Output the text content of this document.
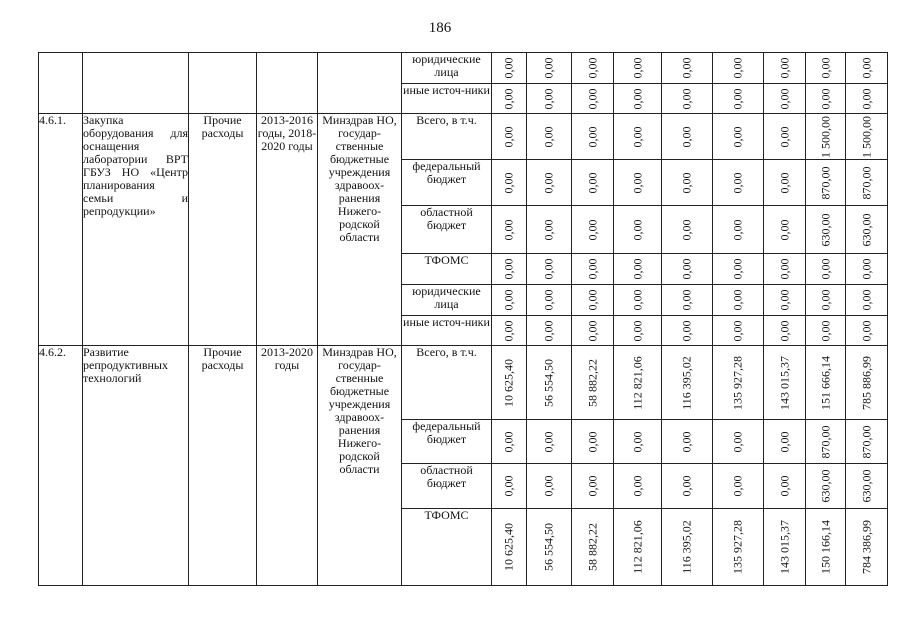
186
					юридические лица	0,00	0,00	0,00	0,00	0,00	0,00	0,00	0,00	0,00

					иные источ-ники	0,00	0,00	0,00	0,00	0,00	0,00	0,00	0,00	0,00

4.6.1.	Закупка оборудования для оснащения лаборатории ВРТ ГБУЗ НО «Центр планирования семьи и репродукции»	Прочие расходы	2013-2016 годы, 2018-2020 годы	Минздрав НО, государ-ственные бюджетные учреждения здравоох-ранения Нижего-родской области	Всего, в т.ч.	0,00	0,00	0,00	0,00	0,00	0,00	0,00	1 500,00	1 500,00

					федеральный бюджет	0,00	0,00	0,00	0,00	0,00	0,00	0,00	870,00	870,00

					областной бюджет	0,00	0,00	0,00	0,00	0,00	0,00	0,00	630,00	630,00

					ТФОМС	0,00	0,00	0,00	0,00	0,00	0,00	0,00	0,00	0,00

					юридические лица	0,00	0,00	0,00	0,00	0,00	0,00	0,00	0,00	0,00

					иные источ-ники	0,00	0,00	0,00	0,00	0,00	0,00	0,00	0,00	0,00

4.6.2.	Развитие репродуктивных технологий	Прочие расходы	2013-2020 годы	Минздрав НО, государ-ственные бюджетные учреждения здравоох-ранения Нижего-родской области	Всего, в т.ч.	10 625,40	56 554,50	58 882,22	112 821,06	116 395,02	135 927,28	143 015,37	151 666,14	785 886,99

					федеральный бюджет	0,00	0,00	0,00	0,00	0,00	0,00	0,00	870,00	870,00

					областной бюджет	0,00	0,00	0,00	0,00	0,00	0,00	0,00	630,00	630,00

					ТФОМС	10 625,40	56 554,50	58 882,22	112 821,06	116 395,02	135 927,28	143 015,37	150 166,14	784 386,99
